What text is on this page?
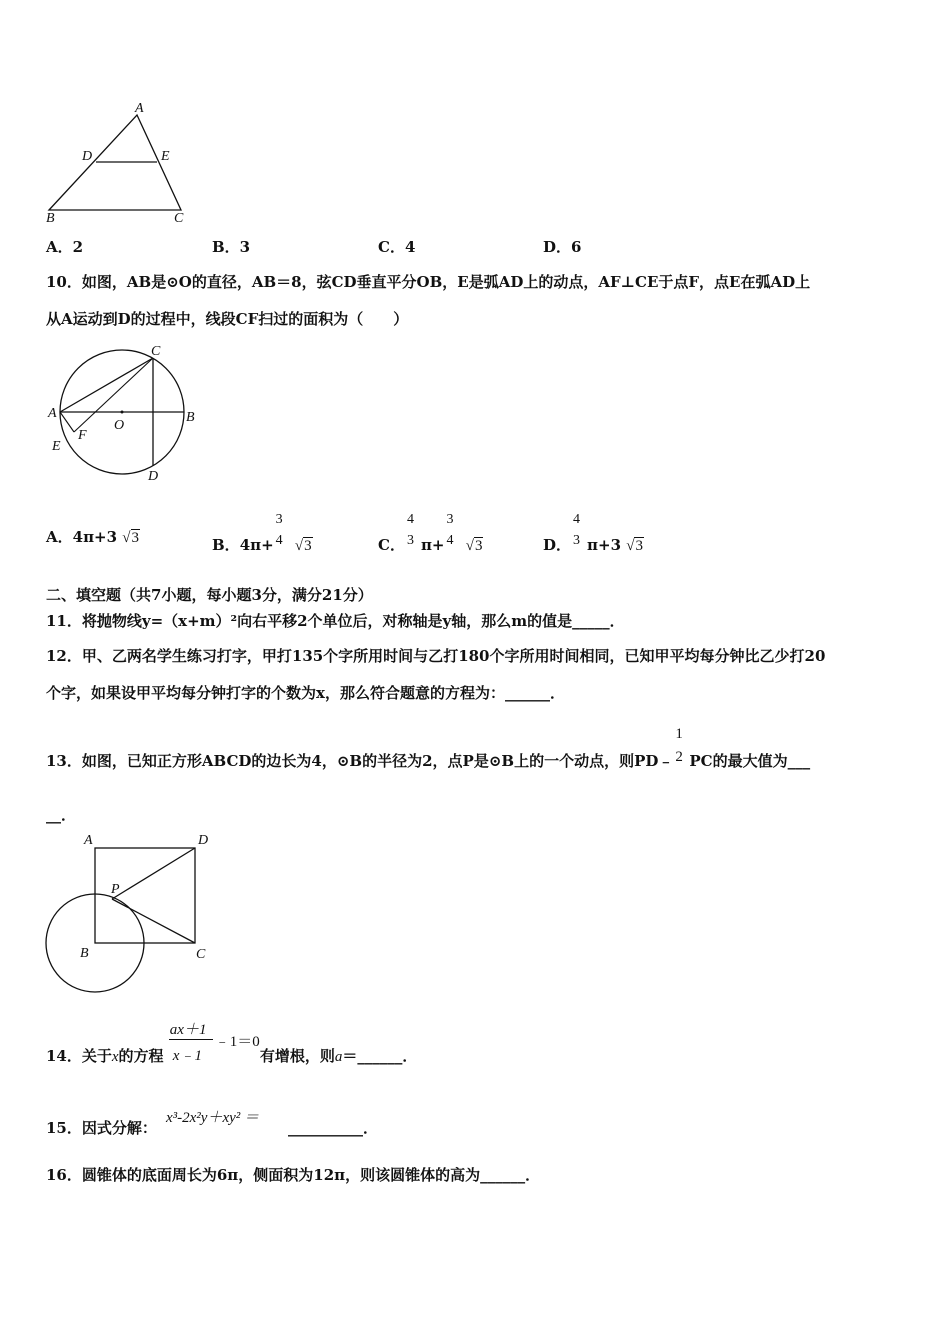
A
D	E
B	C
A．2	B．3	C．4	D．6
10．如图，AB是⊙O的直径，AB＝8，弦CD垂直平分OB，E是弧AD上的动点，AF⊥CE于点F，点E在弧AD上
从A运动到D的过程中，线段CF扫过的面积为（　　）
C
A
O
B
F
E
D
A．4π+3 √3	B．4π+
3
4 √3	C．
4
3 π+
3
4 √3	D．
4
3 π+3 √3
二、填空题（共7小题，每小题3分，满分21分）
11．将抛物线y=（x+m）²向右平移2个单位后，对称轴是y轴，那么m的值是_____．
12．甲、乙两名学生练习打字，甲打135个字所用时间与乙打180个字所用时间相同，已知甲平均每分钟比乙少打20
个字，如果设甲平均每分钟打字的个数为x，那么符合题意的方程为：______．
13．如图，已知正方形ABCD的边长为4，⊙B的半径为2，点P是⊙B上的一个动点，则PD﹣
1
2 PC的最大值为___
__．
A	D
P
B	C
14．关于x的方程 $\frac{ax+1}{x﹣1}$ ﹣1＝0有增根，则a＝______．
15．因式分解：
x³-2x²y＋xy² ＝
__________．
16．圆锥体的底面周长为6π，侧面积为12π，则该圆锥体的高为______．
